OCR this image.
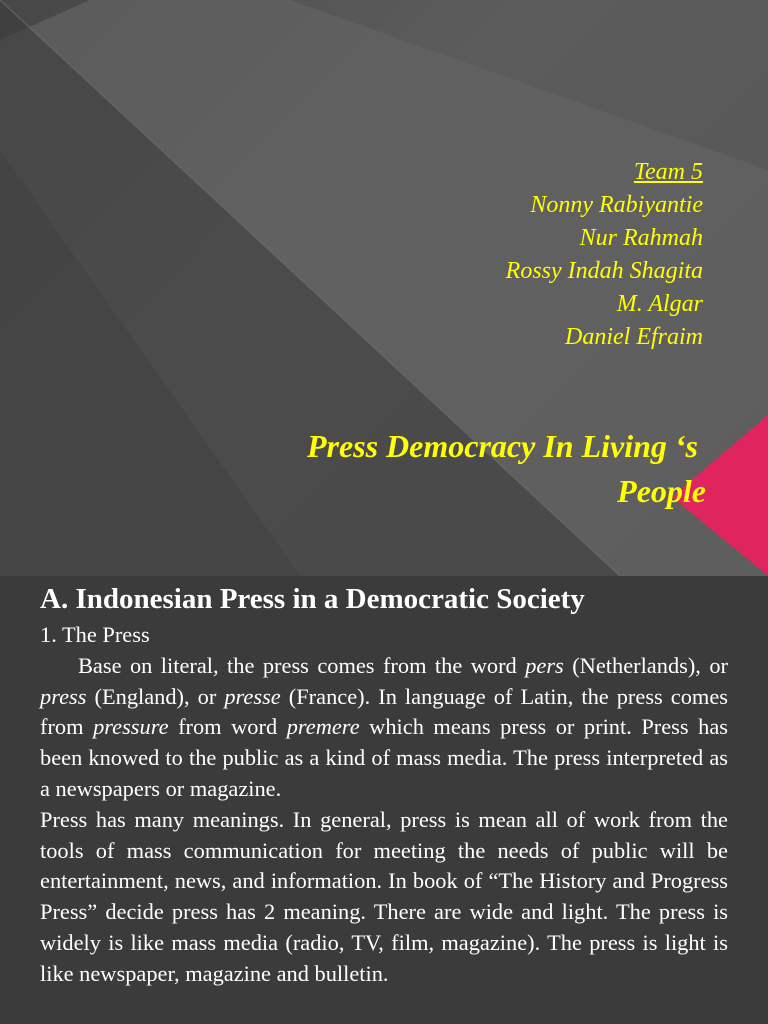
Team 5
Nonny Rabiyantie
Nur Rahmah
Rossy Indah Shagita
M. Algar
Daniel Efraim
Press Democracy In Living ‘s
People
A. Indonesian Press in a Democratic Society

1. The Press

Base on literal, the press comes from the word pers (Netherlands), or press (England), or presse (France). In language of Latin, the press comes from pressure from word premere which means press or print. Press has been knowed to the public as a kind of mass media. The press interpreted as a newspapers or magazine.

Press has many meanings. In general, press is mean all of work from the tools of mass communication for meeting the needs of public will be entertainment, news, and information. In book of “The History and Progress Press” decide press has 2 meaning. There are wide and light. The press is widely is like mass media (radio, TV, film, magazine). The press is light is like newspaper, magazine and bulletin.
